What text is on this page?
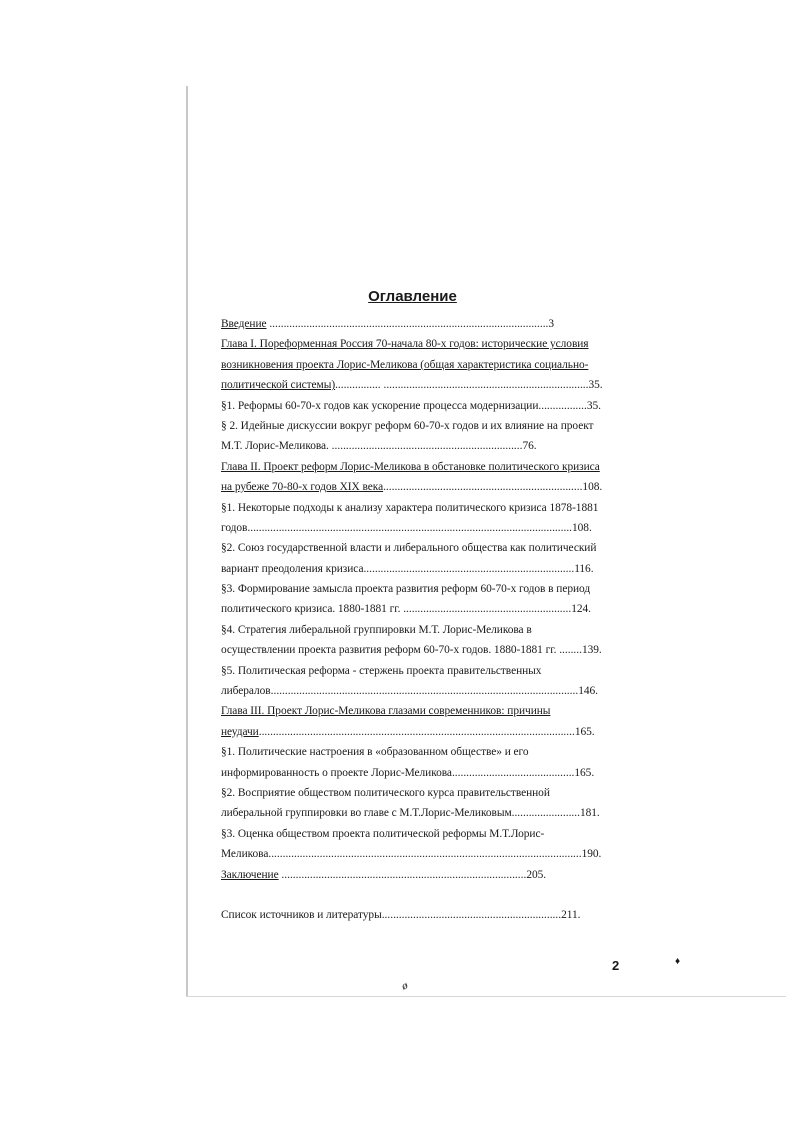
Оглавление
Введение ..................................................................................................3
Глава I. Пореформенная Россия 70-начала 80-х годов: исторические условия
возникновения проекта Лорис-Меликова (общая характеристика социально-
политической системы)................ ........................................................................35.
§1. Реформы 60-70-х годов как ускорение процесса модернизации.................35.
§ 2. Идейные дискуссии вокруг реформ 60-70-х годов и их влияние на проект
М.Т. Лорис-Меликова. ...................................................................76.
Глава II. Проект реформ Лорис-Меликова в обстановке политического кризиса
на рубеже 70-80-х годов XIX века......................................................................108.
§1. Некоторые подходы к анализу характера политического кризиса 1878-1881
годов..................................................................................................................108.
§2. Союз государственной власти и либерального общества как политический
вариант преодоления кризиса..........................................................................116.
§3. Формирование замысла проекта развития реформ 60-70-х годов в период
политического кризиса. 1880-1881 гг. ...........................................................124.
§4. Стратегия либеральной группировки М.Т. Лорис-Меликова в
осуществлении проекта развития реформ 60-70-х годов. 1880-1881 гг. ........139.
§5. Политическая реформа - стержень проекта правительственных
либералов............................................................................................................146.
Глава III. Проект Лорис-Меликова глазами современников: причины
неудачи...............................................................................................................165.
§1. Политические настроения в «образованном обществе» и его
информированность о проекте Лорис-Меликова...........................................165.
§2. Восприятие обществом политического курса правительственной
либеральной группировки во главе с М.Т.Лорис-Меликовым........................181.
§3. Оценка обществом проекта политической реформы М.Т.Лорис-
Меликова..............................................................................................................190.
Заключение ......................................................................................205.
Список источников и литературы...............................................................211.
2	♦
ø
